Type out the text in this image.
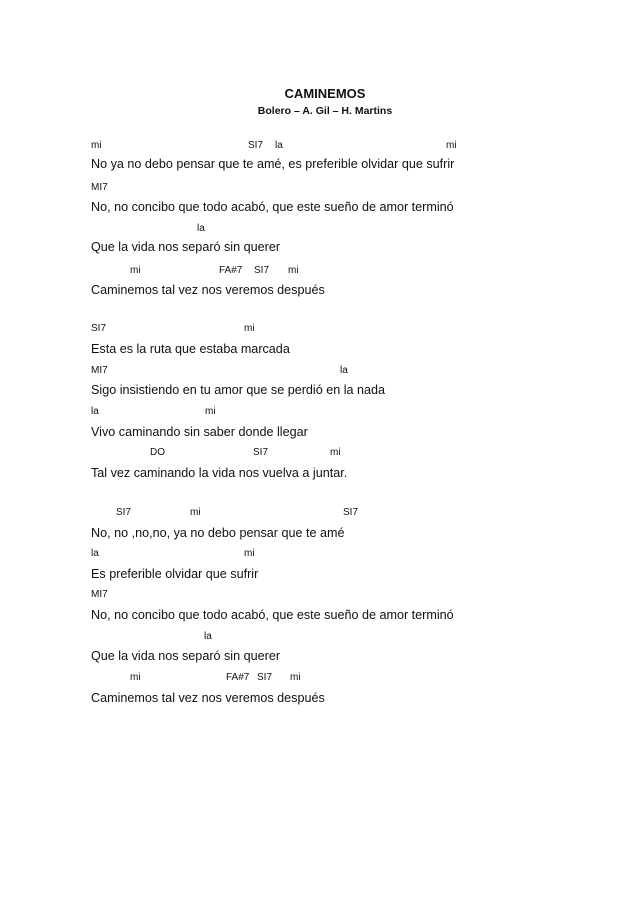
CAMINEMOS
Bolero – A. Gil – H. Martins
mi	SI7 la	mi
No ya no debo pensar que te amé, es preferible olvidar que sufrir
MI7
No, no concibo que todo acabó, que este sueño de amor terminó
la
Que la vida nos separó sin querer
mi	FA#7 SI7 mi
Caminemos tal vez nos veremos después
SI7	mi
Esta es la ruta que estaba marcada
MI7	la
Sigo insistiendo en tu amor que se perdió en la nada
la	mi
Vivo caminando sin saber donde llegar
DO	SI7	mi
Tal vez caminando la vida nos vuelva a juntar.
SI7	mi	SI7
No, no ,no,no, ya no debo pensar que te amé
la	mi
Es preferible olvidar que sufrir
MI7
No, no concibo que todo acabó, que este sueño de amor terminó
la
Que la vida nos separó sin querer
mi	FA#7 SI7 mi
Caminemos tal vez nos veremos después
